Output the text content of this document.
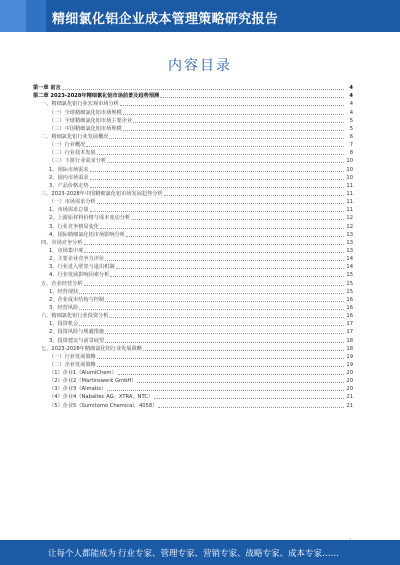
精细氯化铝企业成本管理策略研究报告
内容目录
第一章 前言	4
第二章 2023-2028年精细氯化铝市场前景及趋势预测	4
一、精细氯化铝行业宏观市场分析	4
（一）全球精细氯化铝市场规模	4
（二）全球精细氯化铝市场主要企业	5
（三）中国精细氯化铝市场规模	5
二、精细氯化铝行业发展概况	6
（一）行业概况	7
（二）行业技术发展	8
（三）下游行业需求分析	10
1、国际市场需求	10
2、国内市场需求	10
3、产品价格走势	11
三、2023-2028年中国精细氯化铝市场发展趋势分析	11
（一）市场需求分析	11
1、市场需求总量	11
2、上游原材料价格与成本变动分析	12
3、行业竞争格局变化	12
4、国际精细氯化铝市场影响分析	13
四、市场竞争分析	13
1、市场集中度	13
2、主要企业竞争力评价	14
3、行业进入壁垒与退出机制	14
4、行业发展影响因素分析	15
五、企业经营分析	15
1、经营现状	15
2、企业成本结构与控制	16
3、经营风险	16
六、精细氯化铝行业投资分析	16
1、投资机会	17
2、投资风险与规避措施	17
3、投资建议与前景展望	18
七、2023-2028年精细氯化铝行业发展战略	18
（一）行业发展策略	19
（二）企业发展策略	19
（1）企业1（AlumiChem）	20
（2）企业2（Martinswerk GmbH）	20
（3）企业3（Almatis）	20
（4）企业4（Nabaltec AG、XTRA、NTC）	21
（5）企业5（Sumitomo Chemical、4058）	21
让每个人都能成为 行业专家、管理专家、营销专家、战略专家、成本专家……
